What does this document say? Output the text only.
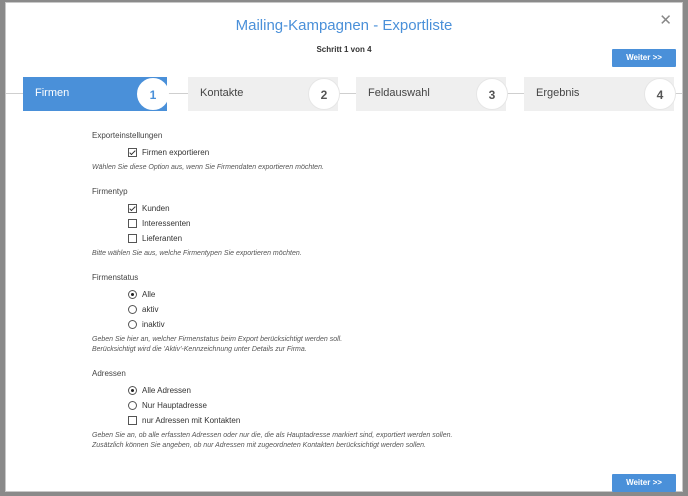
Mailing-Kampagnen - Exportliste
Schritt 1 von 4
✕
Weiter >>
Firmen	1	Kontakte	2	Feldauswahl	3	Ergebnis	4
Exporteinstellungen
Firmen exportieren
Wählen Sie diese Option aus, wenn Sie Firmendaten exportieren möchten.
Firmentyp
Kunden
Interessenten
Lieferanten
Bitte wählen Sie aus, welche Firmentypen Sie exportieren möchten.
Firmenstatus
Alle
aktiv
inaktiv
Geben Sie hier an, welcher Firmenstatus beim Export berücksichtigt werden soll.
Berücksichtigt wird die 'Aktiv'-Kennzeichnung unter Details zur Firma.
Adressen
Alle Adressen
Nur Hauptadresse
nur Adressen mit Kontakten
Geben Sie an, ob alle erfassten Adressen oder nur die, die als Hauptadresse markiert sind, exportiert werden sollen.
Zusätzlich können Sie angeben, ob nur Adressen mit zugeordneten Kontakten berücksichtigt werden sollen.
Weiter >>
